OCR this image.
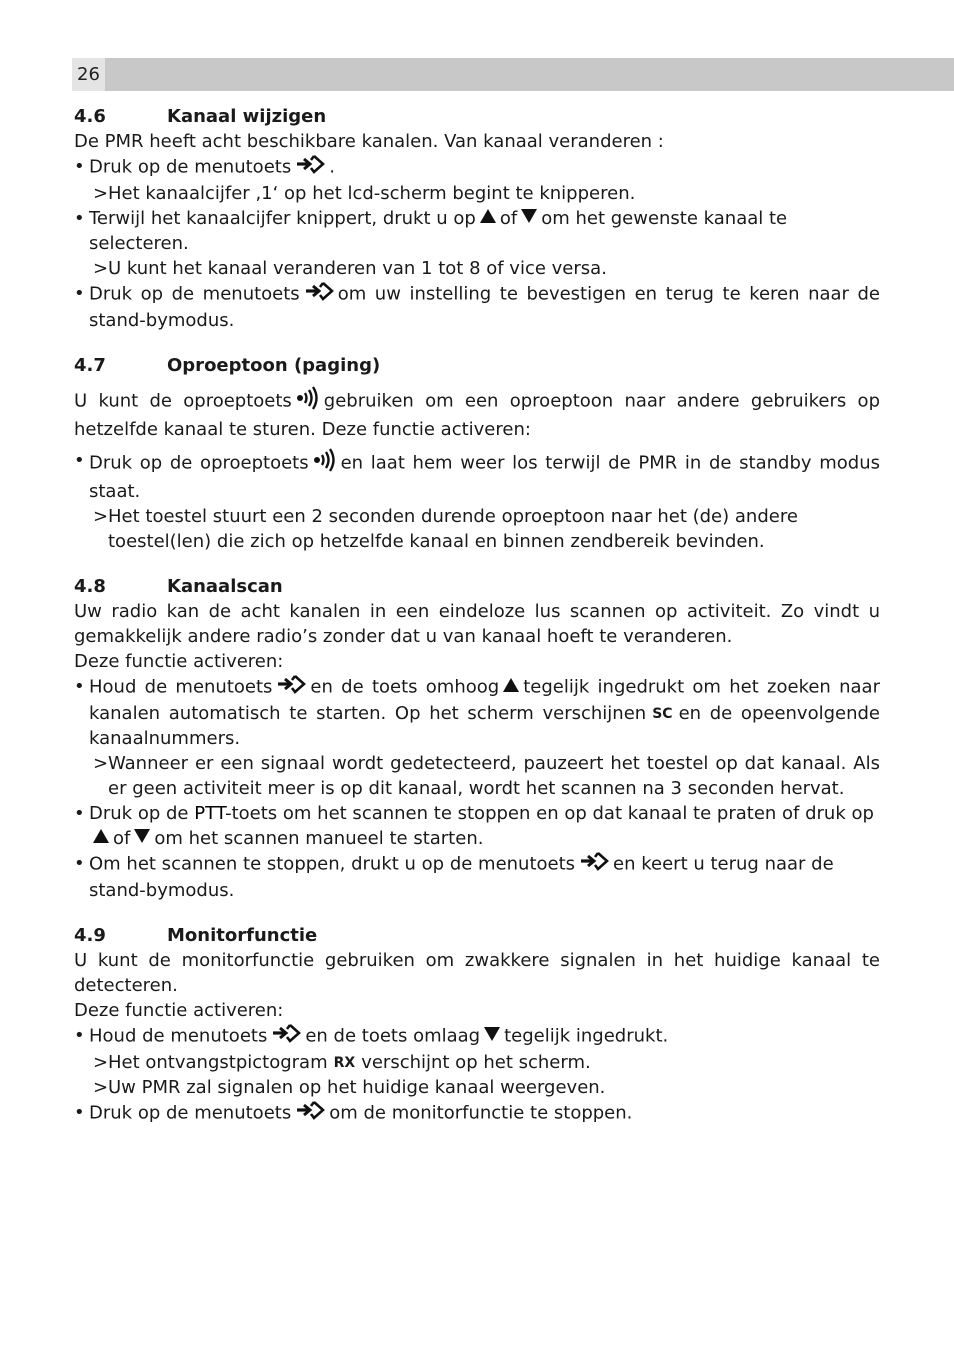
26
4.6	Kanaal wijzigen

De PMR heeft acht beschikbare kanalen. Van kanaal veranderen :

• Druk op de menutoets .
> Het kanaalcijfer ‚1‘ op het lcd-scherm begint te knipperen.
• Terwijl het kanaalcijfer knippert, drukt u op of om het gewenste kanaal te selecteren.
> U kunt het kanaal veranderen van 1 tot 8 of vice versa.
• Druk op de menutoets om uw instelling te bevestigen en terug te keren naar de stand-bymodus.
4.7	Oproeptoon (paging)

U kunt de oproeptoets gebruiken om een oproeptoon naar andere gebruikers op hetzelfde kanaal te sturen. Deze functie activeren:

• Druk op de oproeptoets en laat hem weer los terwijl de PMR in de standby modus staat.
> Het toestel stuurt een 2 seconden durende oproeptoon naar het (de) andere toestel(len) die zich op hetzelfde kanaal en binnen zendbereik bevinden.
4.8	Kanaalscan

Uw radio kan de acht kanalen in een eindeloze lus scannen op activiteit. Zo vindt u gemakkelijk andere radio’s zonder dat u van kanaal hoeft te veranderen.

Deze functie activeren:

• Houd de menutoets en de toets omhoog tegelijk ingedrukt om het zoeken naar kanalen automatisch te starten. Op het scherm verschijnen SC en de opeenvolgende kanaalnummers.
> Wanneer er een signaal wordt gedetecteerd, pauzeert het toestel op dat kanaal. Als er geen activiteit meer is op dit kanaal, wordt het scannen na 3 seconden hervat.
• Druk op de PTT-toets om het scannen te stoppen en op dat kanaal te praten of druk op
of om het scannen manueel te starten.
• Om het scannen te stoppen, drukt u op de menutoets en keert u terug naar de stand-bymodus.
4.9	Monitorfunctie

U kunt de monitorfunctie gebruiken om zwakkere signalen in het huidige kanaal te detecteren.

Deze functie activeren:

• Houd de menutoets en de toets omlaag tegelijk ingedrukt.
> Het ontvangstpictogram RX verschijnt op het scherm.
> Uw PMR zal signalen op het huidige kanaal weergeven.
• Druk op de menutoets om de monitorfunctie te stoppen.
